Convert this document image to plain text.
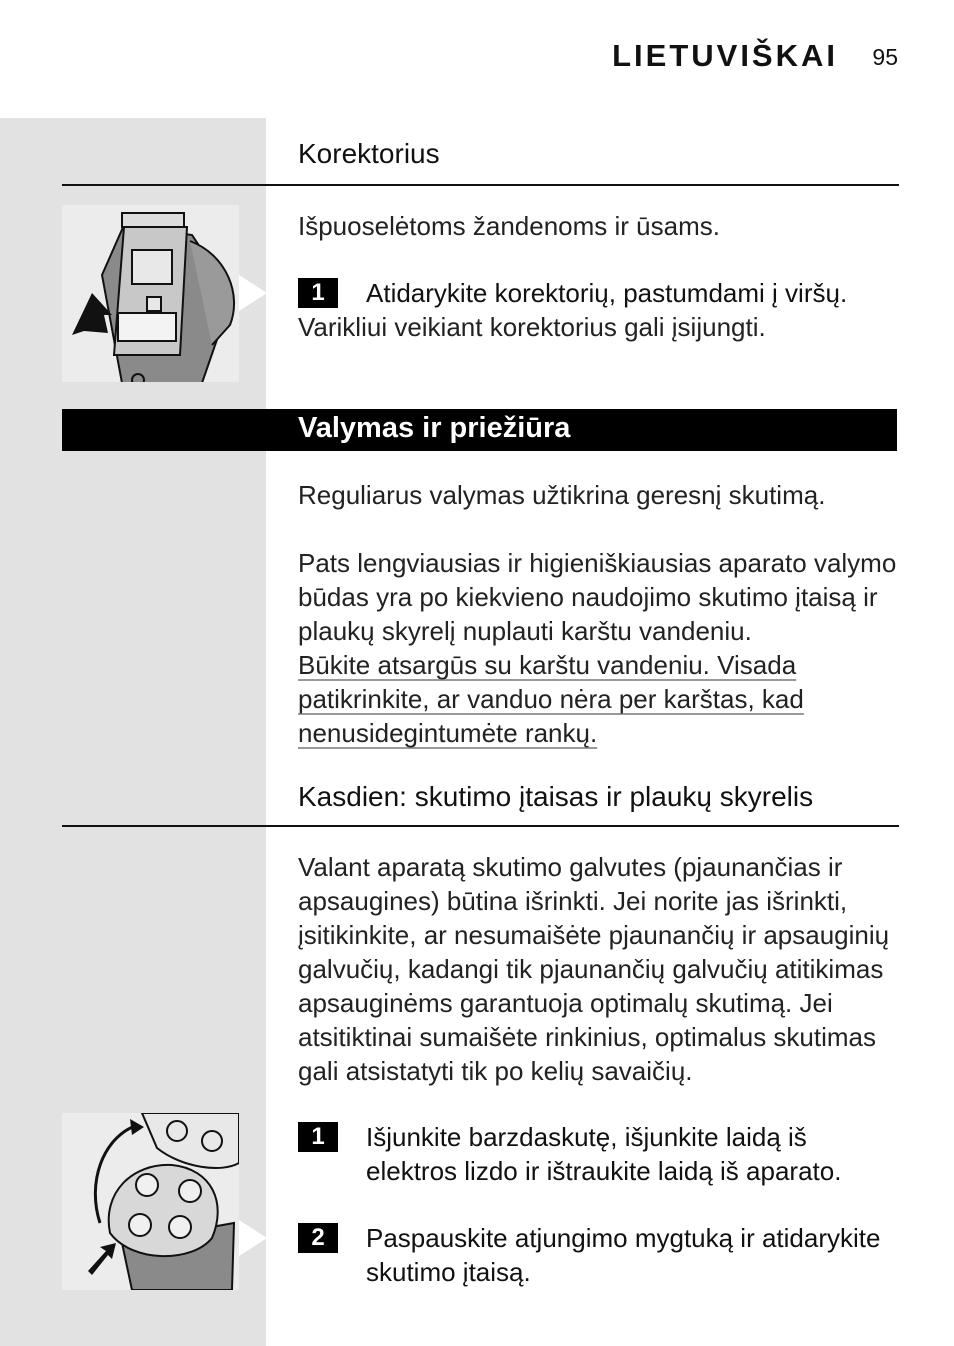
LIETUVIŠKAI 95
Korektorius
Išpuoselėtoms žandenoms ir ūsams.
1	Atidarykite korektorių, pastumdami į viršų.
Varikliui veikiant korektorius gali įsijungti.
Valymas ir priežiūra
Reguliarus valymas užtikrina geresnį skutimą.
Pats lengviausias ir higieniškiausias aparato valymo būdas yra po kiekvieno naudojimo skutimo įtaisą ir plaukų skyrelį nuplauti karštu vandeniu.
Būkite atsargūs su karštu vandeniu. Visada patikrinkite, ar vanduo nėra per karštas, kad nenusidegintumėte rankų.
Kasdien: skutimo įtaisas ir plaukų skyrelis
Valant aparatą skutimo galvutes (pjaunančias ir apsaugines) būtina išrinkti. Jei norite jas išrinkti, įsitikinkite, ar nesumaišėte pjaunančių ir apsauginių galvučių, kadangi tik pjaunančių galvučių atitikimas apsauginėms garantuoja optimalų skutimą. Jei atsitiktinai sumaišėte rinkinius, optimalus skutimas gali atsistatyti tik po kelių savaičių.
1	Išjunkite barzdaskutę, išjunkite laidą iš elektros lizdo ir ištraukite laidą iš aparato.
2	Paspauskite atjungimo mygtuką ir atidarykite skutimo įtaisą.
